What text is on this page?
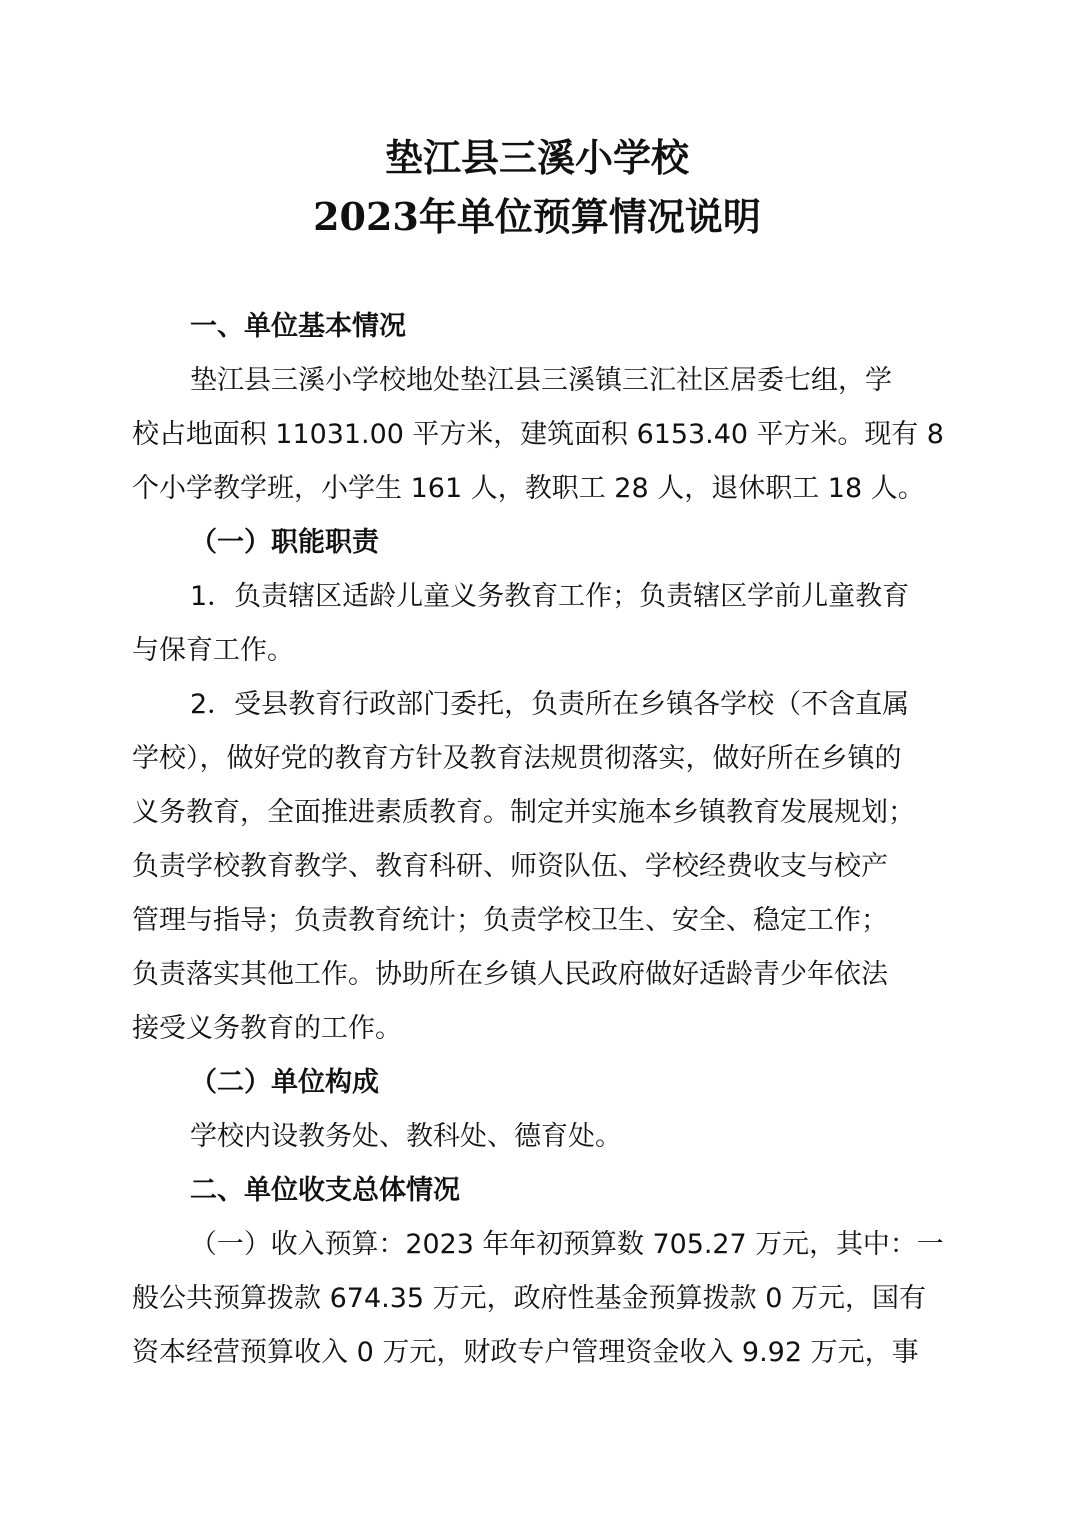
垫江县三溪小学校
2023年单位预算情况说明
一、单位基本情况
垫江县三溪小学校地处垫江县三溪镇三汇社区居委七组，学
校占地面积 11031.00 平方米，建筑面积 6153.40 平方米。现有 8
个小学教学班，小学生 161 人，教职工 28 人，退休职工 18 人。
（一）职能职责
1．负责辖区适龄儿童义务教育工作；负责辖区学前儿童教育
与保育工作。
2．受县教育行政部门委托，负责所在乡镇各学校（不含直属
学校），做好党的教育方针及教育法规贯彻落实，做好所在乡镇的
义务教育，全面推进素质教育。制定并实施本乡镇教育发展规划；
负责学校教育教学、教育科研、师资队伍、学校经费收支与校产
管理与指导；负责教育统计；负责学校卫生、安全、稳定工作；
负责落实其他工作。协助所在乡镇人民政府做好适龄青少年依法
接受义务教育的工作。
（二）单位构成
学校内设教务处、教科处、德育处。
二、单位收支总体情况
（一）收入预算：2023 年年初预算数 705.27 万元，其中：一
般公共预算拨款 674.35 万元，政府性基金预算拨款 0 万元，国有
资本经营预算收入 0 万元，财政专户管理资金收入 9.92 万元，事
